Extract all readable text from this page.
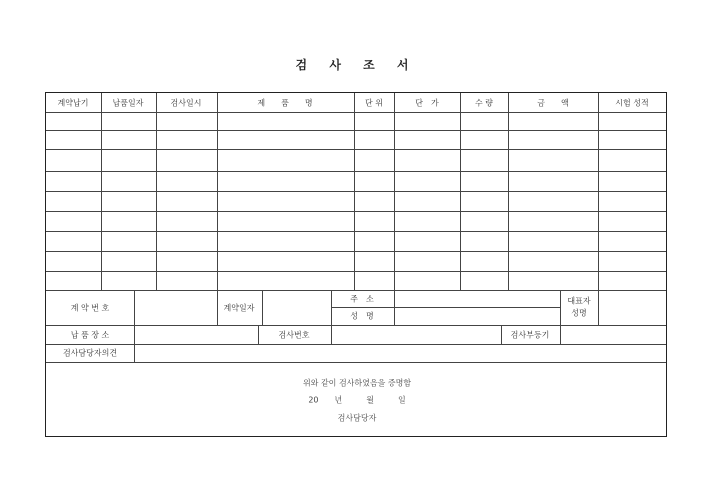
검 사 조 서
계약납기	납품일자	검사일시	제　　품　　명	단 위	단　가	수 량	금　　액	시험 성적
계 약 번 호	계약일자
주　소
성　명
대표자
성명
납 품 장 소	검사번호	검사부등기
검사담당자의견
위와 같이 검사하였음을 증명함
20　　년　　　월　　　일
검사담당자
